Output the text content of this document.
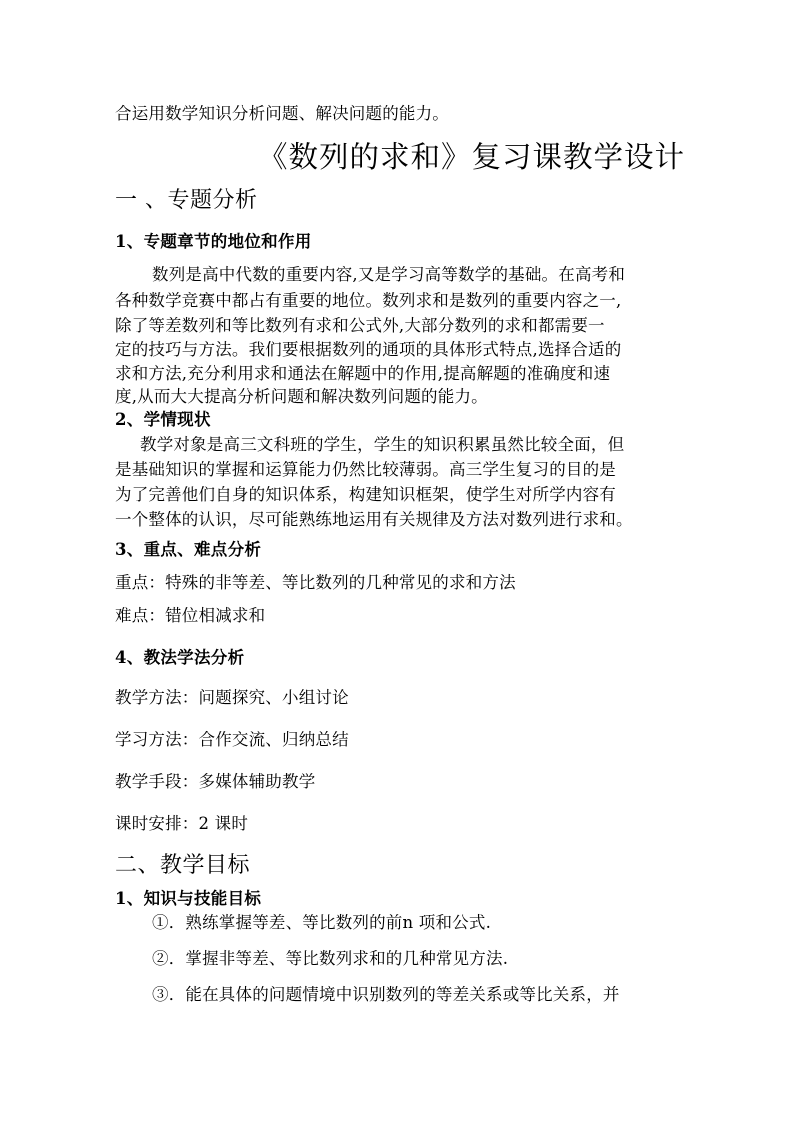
合运用数学知识分析问题、解决问题的能力。
《数列的求和》复习课教学设计
一 、专题分析
1、专题章节的地位和作用
数列是高中代数的重要内容,又是学习高等数学的基础。在高考和
各种数学竞赛中都占有重要的地位。数列求和是数列的重要内容之一,
除了等差数列和等比数列有求和公式外,大部分数列的求和都需要一
定的技巧与方法。我们要根据数列的通项的具体形式特点,选择合适的
求和方法,充分利用求和通法在解题中的作用,提高解题的准确度和速
度,从而大大提高分析问题和解决数列问题的能力。
2、学情现状
教学对象是高三文科班的学生，学生的知识积累虽然比较全面，但
是基础知识的掌握和运算能力仍然比较薄弱。高三学生复习的目的是
为了完善他们自身的知识体系，构建知识框架，使学生对所学内容有
一个整体的认识，尽可能熟练地运用有关规律及方法对数列进行求和。
3、重点、难点分析
重点：特殊的非等差、等比数列的几种常见的求和方法
难点：错位相减求和
4、教法学法分析
教学方法：问题探究、小组讨论
学习方法：合作交流、归纳总结
教学手段：多媒体辅助教学
课时安排：2 课时
二、教学目标
1、知识与技能目标
①．熟练掌握等差、等比数列的前n 项和公式.
②．掌握非等差、等比数列求和的几种常见方法.
③．能在具体的问题情境中识别数列的等差关系或等比关系，并
